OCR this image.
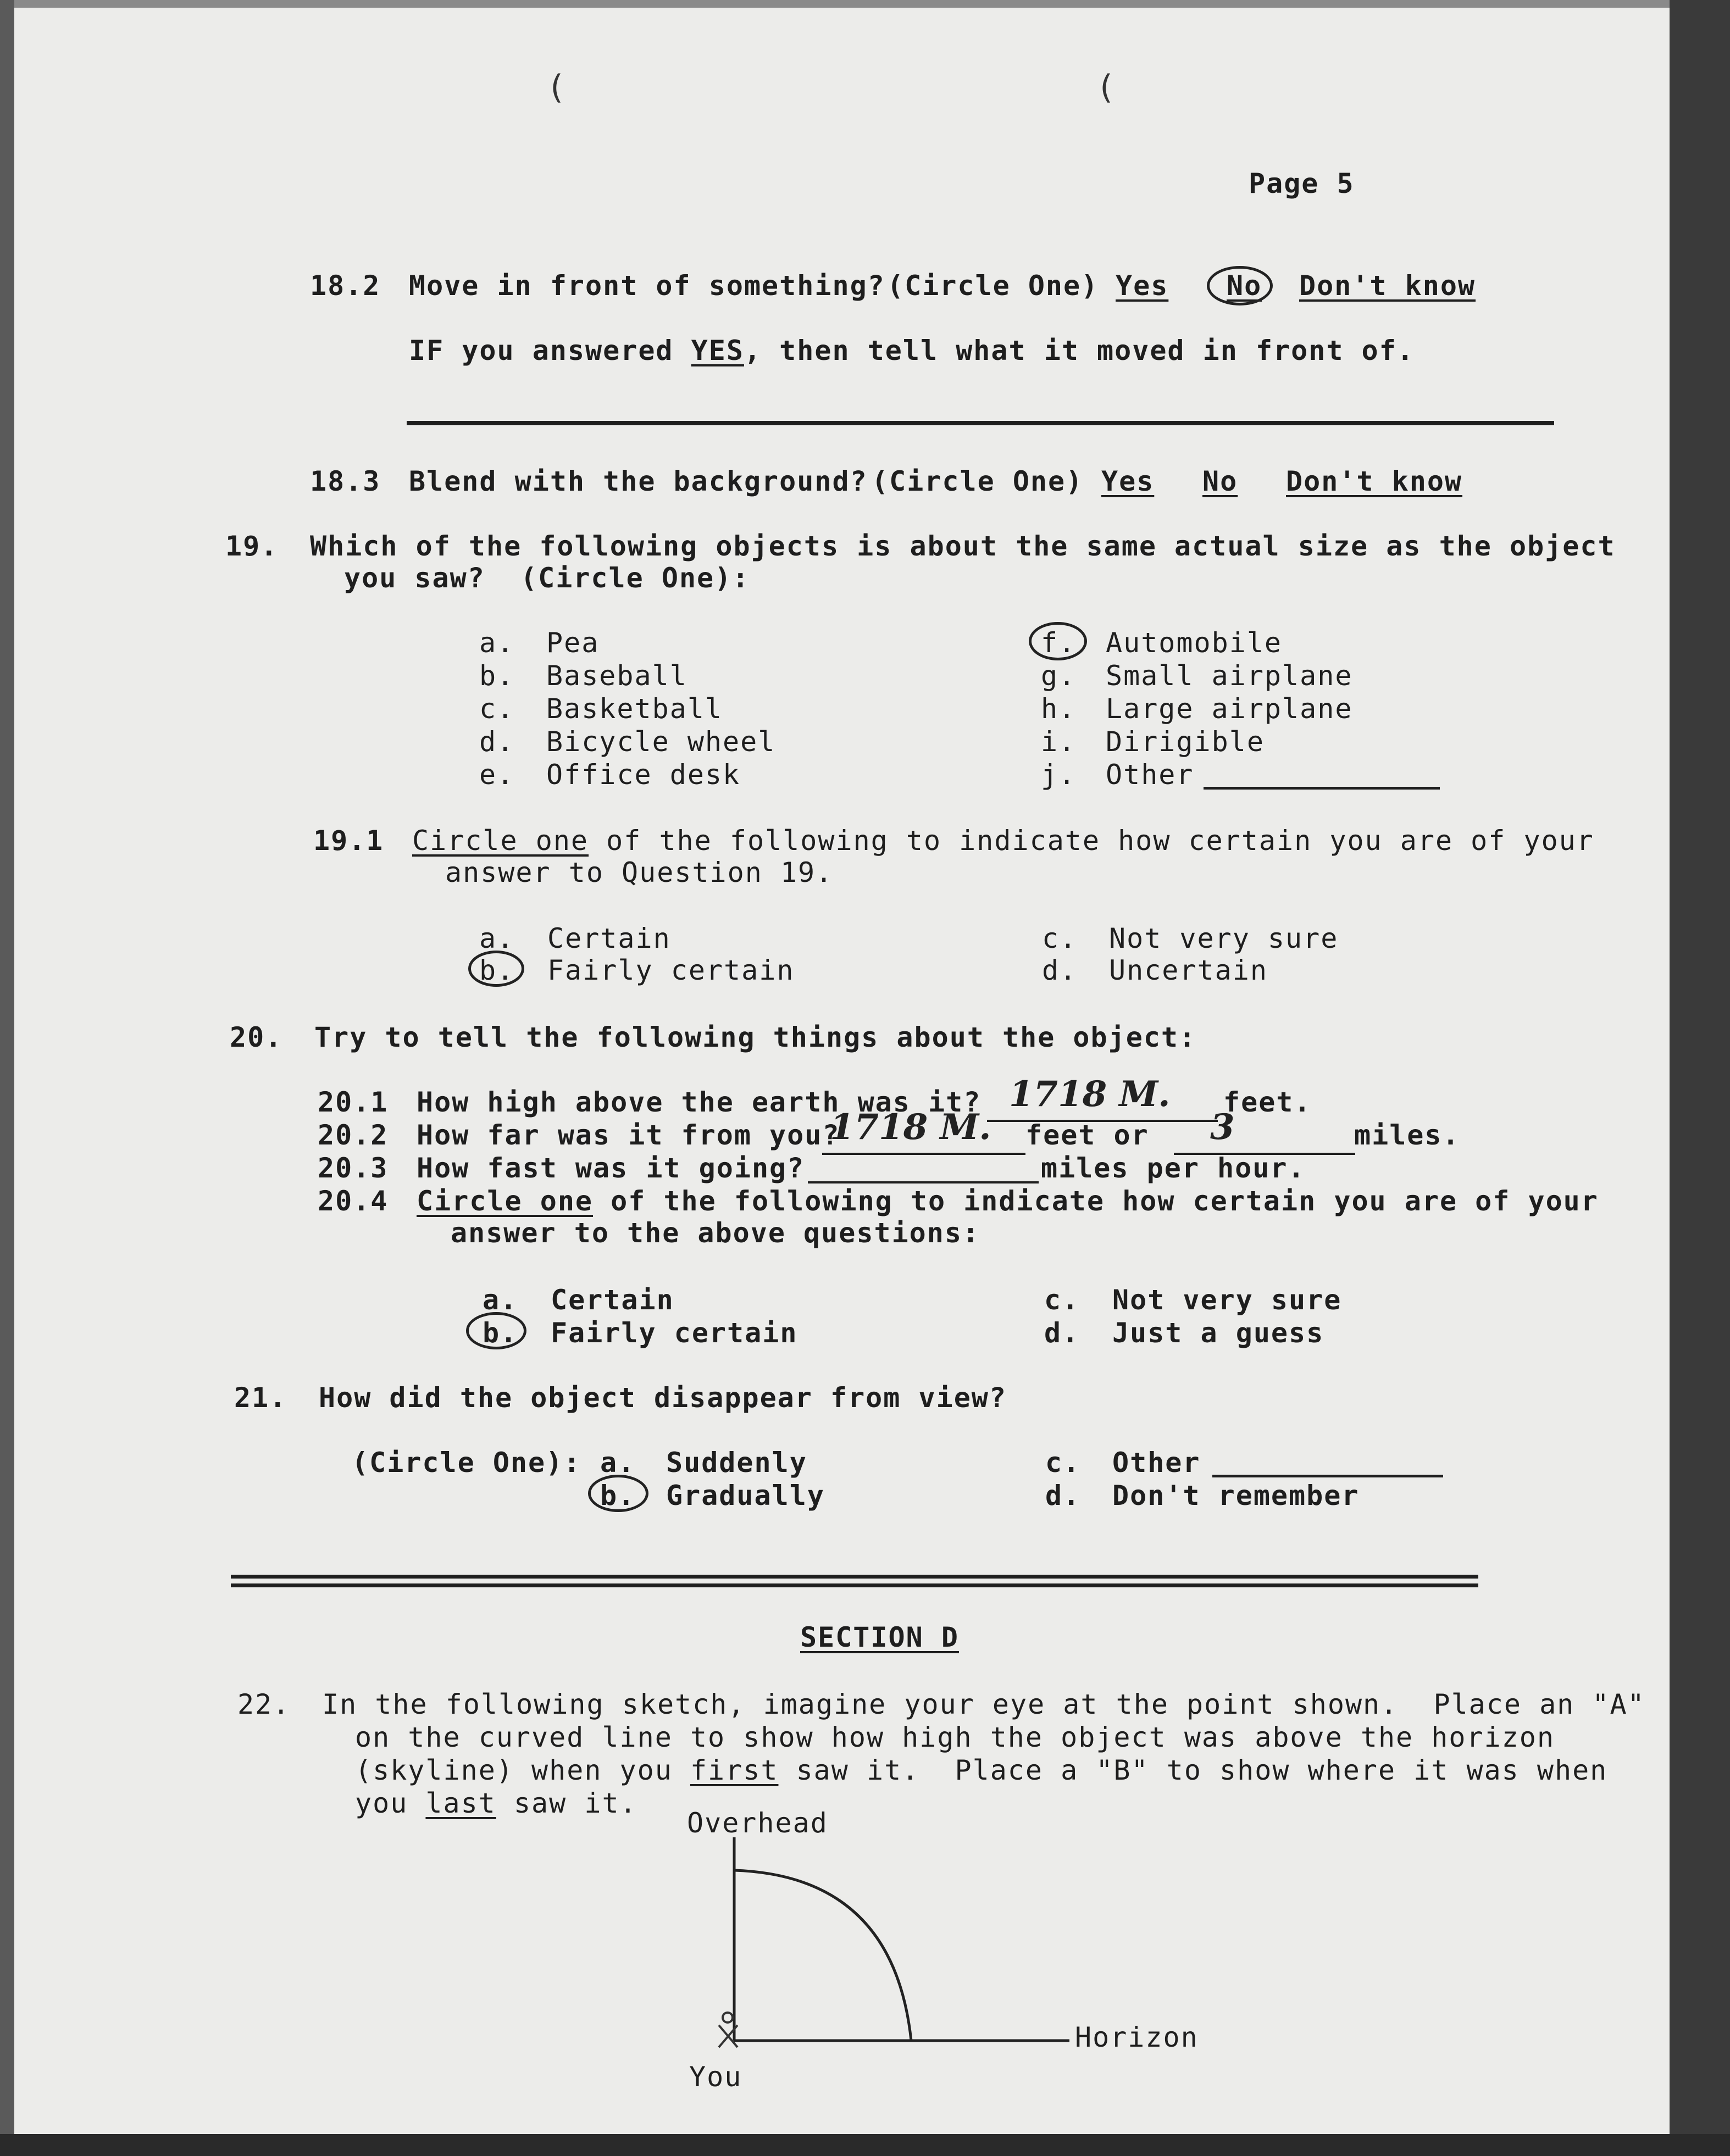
(	(
Page 5
18.2 Move in front of something? (Circle One) Yes No Don't know
IF you answered YES, then tell what it moved in front of.
18.3 Blend with the background? (Circle One) Yes No Don't know
19. Which of the following objects is about the same actual size as the object
you saw?  (Circle One):
a. Pea
b. Baseball
c. Basketball
d. Bicycle wheel
e. Office desk
f. Automobile
g. Small airplane
h. Large airplane
i. Dirigible
j. Other
19.1 Circle one of the following to indicate how certain you are of your
answer to Question 19.
a. Certain
b. Fairly certain
c. Not very sure
d. Uncertain
20. Try to tell the following things about the object:
20.1 How high above the earth was it? 1718 M. feet.
20.2 How far was it from you?
1718 M. feet or 3	miles.
20.3 How fast was it going?	miles per hour.
20.4 Circle one of the following to indicate how certain you are of your
answer to the above questions:
a. Certain
b. Fairly certain
c. Not very sure
d. Just a guess
21. How did the object disappear from view?
(Circle One): a. Suddenly
b. Gradually
c. Other
d. Don't remember
SECTION D
22. In the following sketch, imagine your eye at the point shown.  Place an "A"
on the curved line to show how high the object was above the horizon
(skyline) when you first saw it.  Place a "B" to show where it was when
you last saw it.
Overhead
Horizon
You
